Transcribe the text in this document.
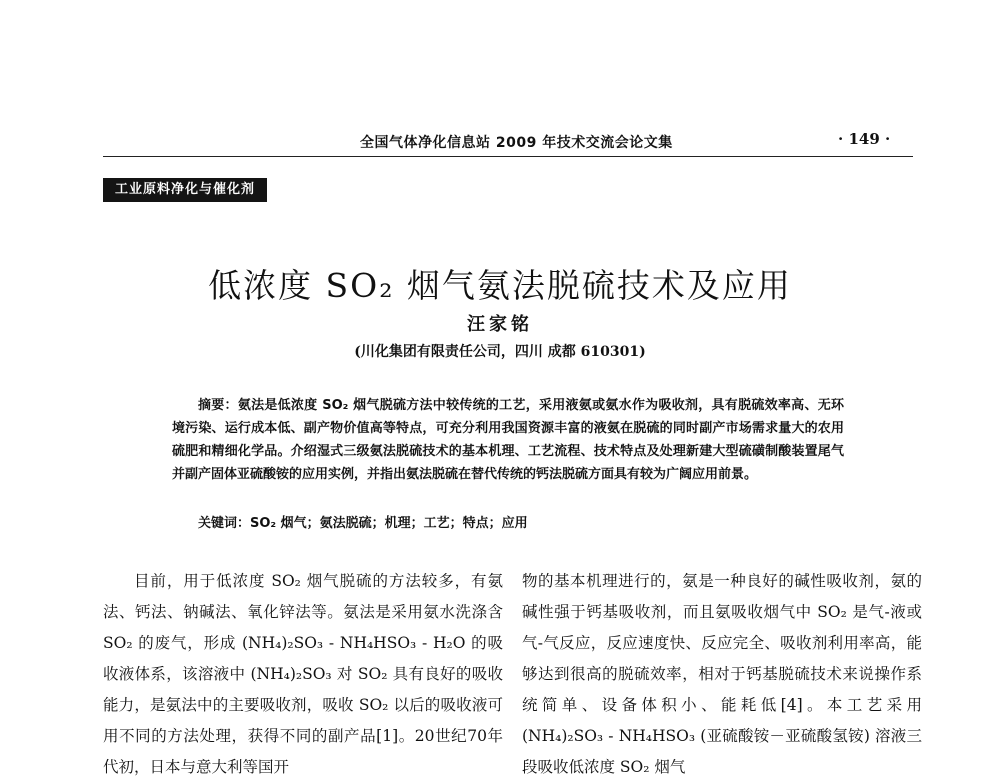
全国气体净化信息站 2009 年技术交流会论文集	· 149 ·
工业原料净化与催化剂
低浓度 SO₂ 烟气氨法脱硫技术及应用
汪家铭
(川化集团有限责任公司，四川 成都 610301)
摘要：氨法是低浓度 SO₂ 烟气脱硫方法中较传统的工艺，采用液氨或氨水作为吸收剂，具有脱硫效率高、无环境污染、运行成本低、副产物价值高等特点，可充分利用我国资源丰富的液氨在脱硫的同时副产市场需求量大的农用硫肥和精细化学品。介绍湿式三级氨法脱硫技术的基本机理、工艺流程、技术特点及处理新建大型硫磺制酸装置尾气并副产固体亚硫酸铵的应用实例，并指出氨法脱硫在替代传统的钙法脱硫方面具有较为广阔应用前景。
关键词：SO₂ 烟气；氨法脱硫；机理；工艺；特点；应用

目前，用于低浓度 SO₂ 烟气脱硫的方法较多，有氨法、钙法、钠碱法、氧化锌法等。氨法是采用氨水洗涤含 SO₂ 的废气，形成 (NH₄)₂SO₃ - NH₄HSO₃ - H₂O 的吸收液体系，该溶液中 (NH₄)₂SO₃ 对 SO₂ 具有良好的吸收能力，是氨法中的主要吸收剂，吸收 SO₂ 以后的吸收液可用不同的方法处理，获得不同的副产品[1]。20世纪70年代初，日本与意大利等国开

物的基本机理进行的，氨是一种良好的碱性吸收剂，氨的碱性强于钙基吸收剂，而且氨吸收烟气中 SO₂ 是气-液或气-气反应，反应速度快、反应完全、吸收剂利用率高，能够达到很高的脱硫效率，相对于钙基脱硫技术来说操作系统简单、设备体积小、能耗低[4]。本工艺采用 (NH₄)₂SO₃ - NH₄HSO₃ (亚硫酸铵－亚硫酸氢铵) 溶液三段吸收低浓度 SO₂ 烟气
